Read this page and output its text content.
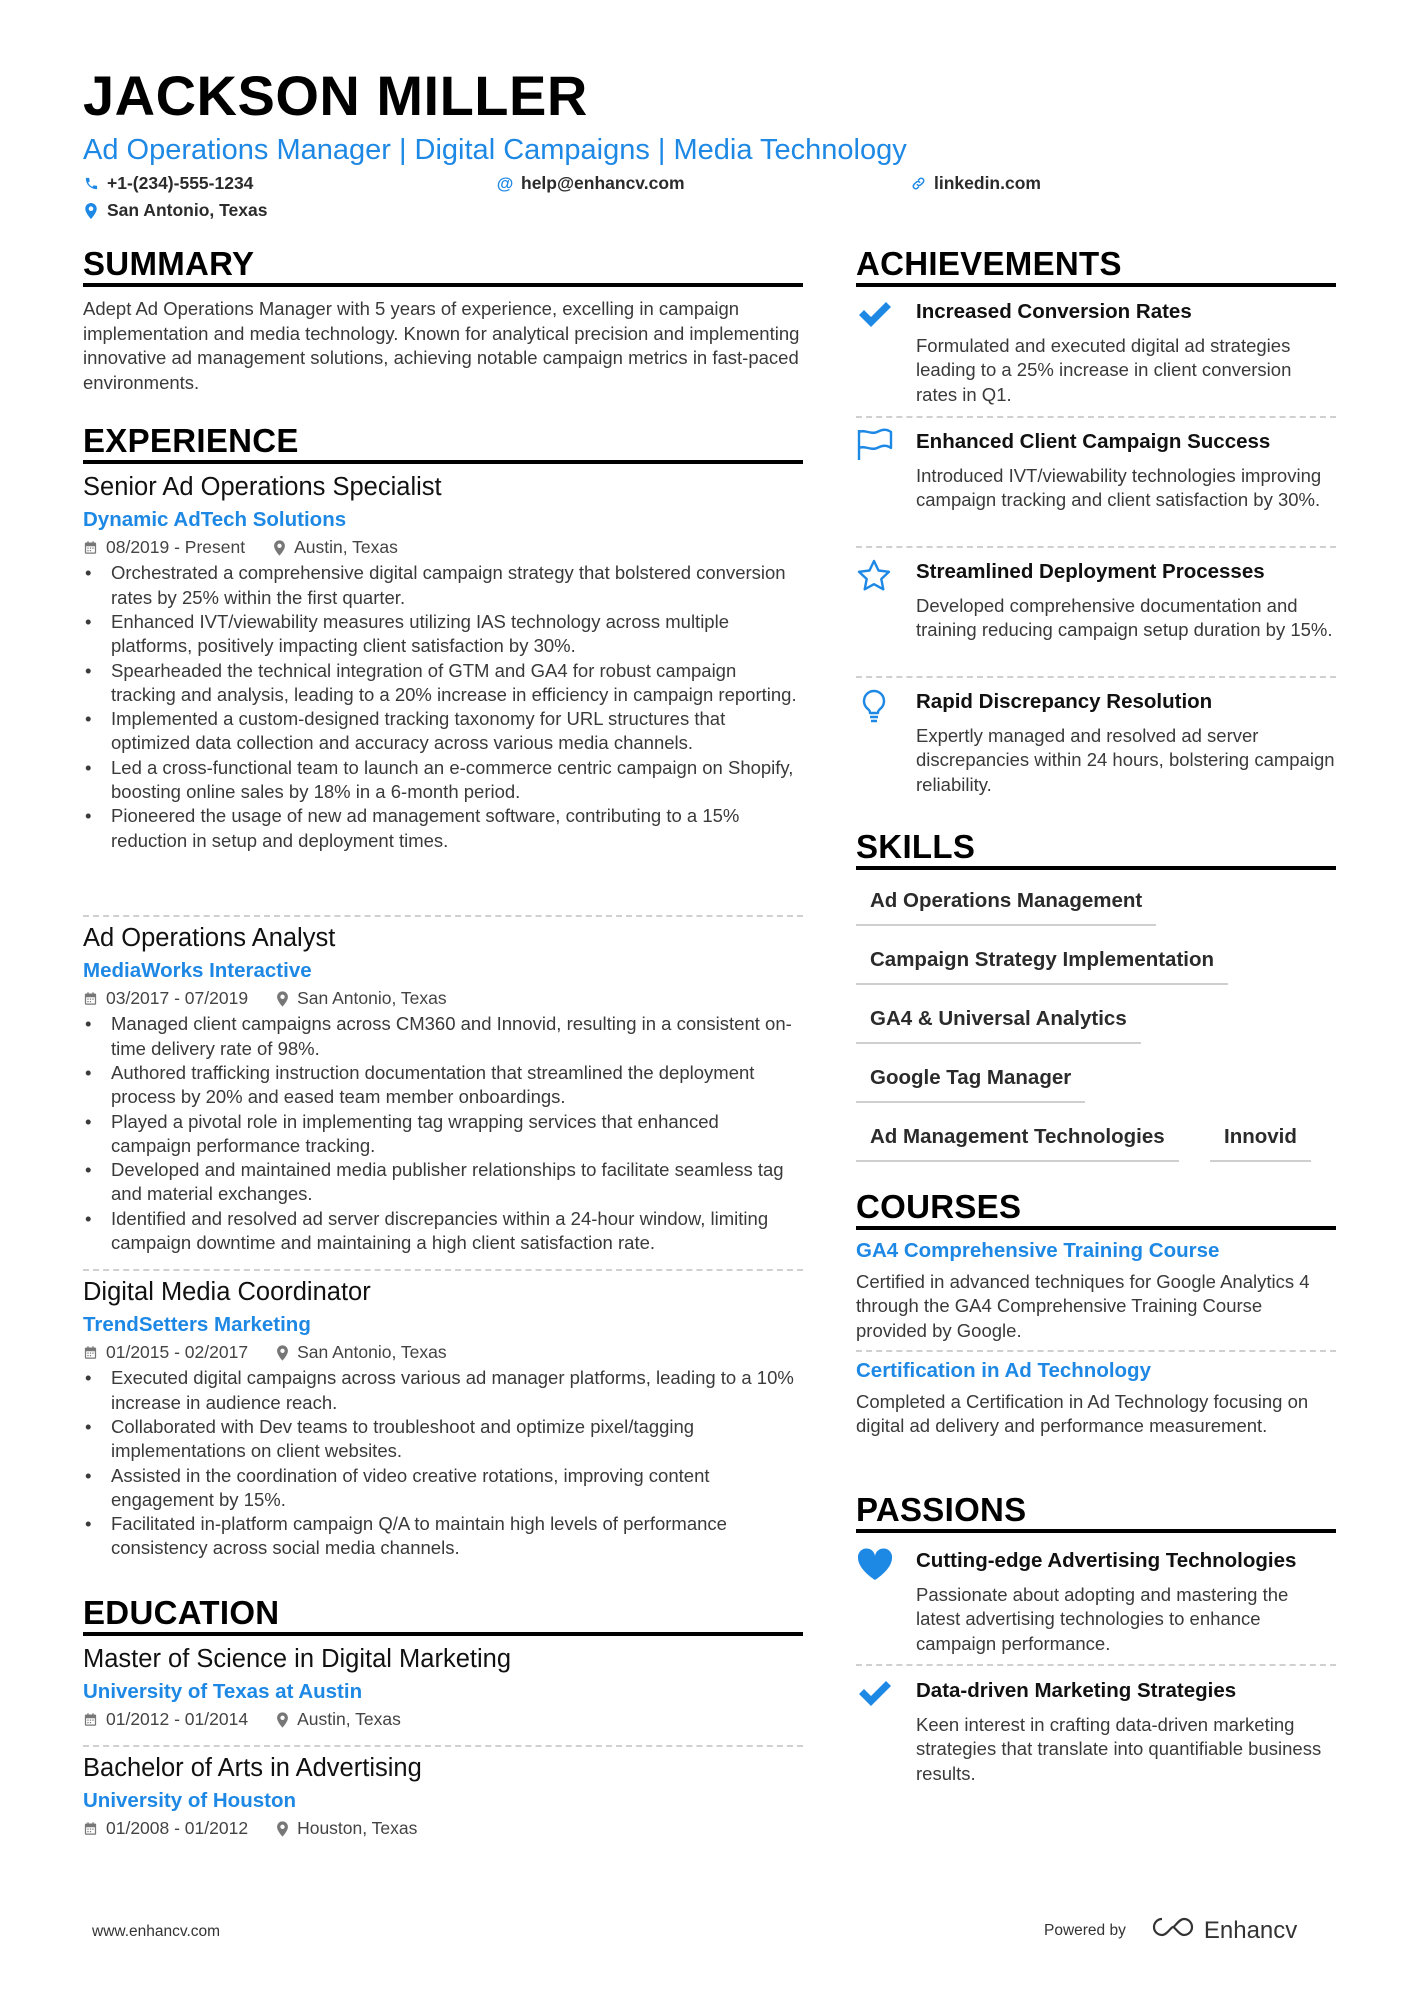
JACKSON MILLER
Ad Operations Manager | Digital Campaigns | Media Technology
+1-(234)-555-1234	@ help@enhancv.com	linkedin.com
San Antonio, Texas
SUMMARY
Adept Ad Operations Manager with 5 years of experience, excelling in campaign implementation and media technology. Known for analytical precision and implementing innovative ad management solutions, achieving notable campaign metrics in fast-paced environments.
EXPERIENCE
Senior Ad Operations Specialist
Dynamic AdTech Solutions
08/2019 - Present	Austin, Texas
• Orchestrated a comprehensive digital campaign strategy that bolstered conversion rates by 25% within the first quarter.
• Enhanced IVT/viewability measures utilizing IAS technology across multiple platforms, positively impacting client satisfaction by 30%.
• Spearheaded the technical integration of GTM and GA4 for robust campaign tracking and analysis, leading to a 20% increase in efficiency in campaign reporting.
• Implemented a custom-designed tracking taxonomy for URL structures that optimized data collection and accuracy across various media channels.
• Led a cross-functional team to launch an e-commerce centric campaign on Shopify, boosting online sales by 18% in a 6-month period.
• Pioneered the usage of new ad management software, contributing to a 15% reduction in setup and deployment times.
Ad Operations Analyst
MediaWorks Interactive
03/2017 - 07/2019	San Antonio, Texas
• Managed client campaigns across CM360 and Innovid, resulting in a consistent on-time delivery rate of 98%.
• Authored trafficking instruction documentation that streamlined the deployment process by 20% and eased team member onboardings.
• Played a pivotal role in implementing tag wrapping services that enhanced campaign performance tracking.
• Developed and maintained media publisher relationships to facilitate seamless tag and material exchanges.
• Identified and resolved ad server discrepancies within a 24-hour window, limiting campaign downtime and maintaining a high client satisfaction rate.
Digital Media Coordinator
TrendSetters Marketing
01/2015 - 02/2017	San Antonio, Texas
• Executed digital campaigns across various ad manager platforms, leading to a 10% increase in audience reach.
• Collaborated with Dev teams to troubleshoot and optimize pixel/tagging implementations on client websites.
• Assisted in the coordination of video creative rotations, improving content engagement by 15%.
• Facilitated in-platform campaign Q/A to maintain high levels of performance consistency across social media channels.
EDUCATION
Master of Science in Digital Marketing
University of Texas at Austin
01/2012 - 01/2014	Austin, Texas
Bachelor of Arts in Advertising
University of Houston
01/2008 - 01/2012	Houston, Texas
ACHIEVEMENTS
Increased Conversion Rates
Formulated and executed digital ad strategies leading to a 25% increase in client conversion rates in Q1.
Enhanced Client Campaign Success
Introduced IVT/viewability technologies improving campaign tracking and client satisfaction by 30%.
Streamlined Deployment Processes
Developed comprehensive documentation and training reducing campaign setup duration by 15%.
Rapid Discrepancy Resolution
Expertly managed and resolved ad server discrepancies within 24 hours, bolstering campaign reliability.
SKILLS
Ad Operations Management
Campaign Strategy Implementation
GA4 & Universal Analytics
Google Tag Manager
Ad Management Technologies	Innovid
COURSES
GA4 Comprehensive Training Course
Certified in advanced techniques for Google Analytics 4 through the GA4 Comprehensive Training Course provided by Google.
Certification in Ad Technology
Completed a Certification in Ad Technology focusing on digital ad delivery and performance measurement.
PASSIONS
Cutting-edge Advertising Technologies
Passionate about adopting and mastering the latest advertising technologies to enhance campaign performance.
Data-driven Marketing Strategies
Keen interest in crafting data-driven marketing strategies that translate into quantifiable business results.
www.enhancv.com	Powered by	Enhancv
